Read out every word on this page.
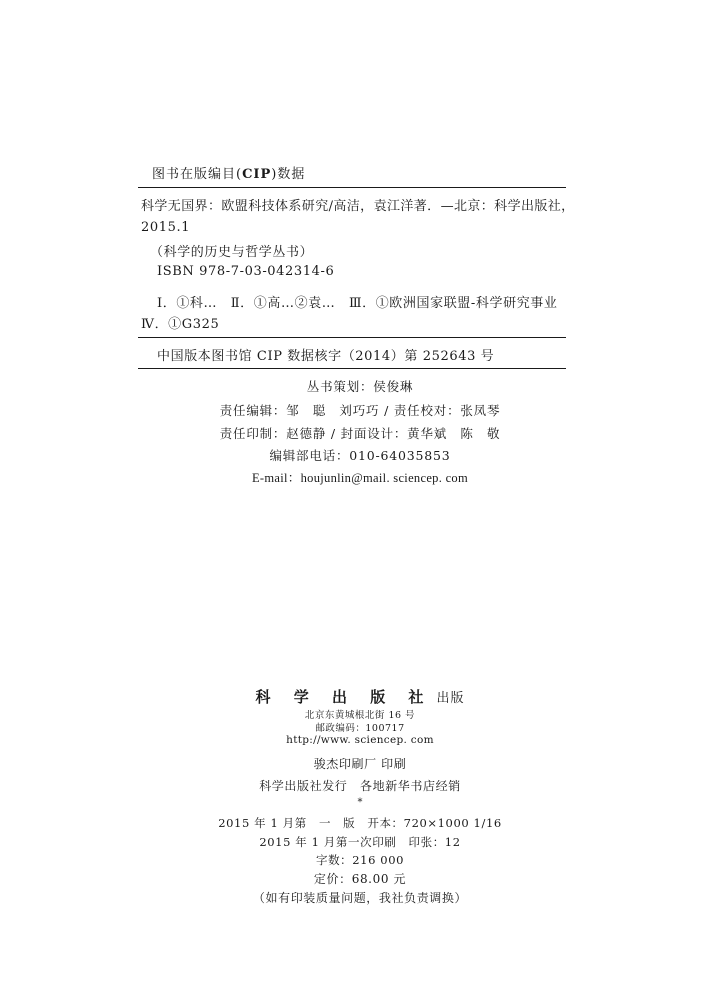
图书在版编目(CIP)数据
科学无国界：欧盟科技体系研究/高洁，袁江洋著．—北京：科学出版社，
2015.1
（科学的历史与哲学丛书）
ISBN 978-7-03-042314-6
Ⅰ．①科…　Ⅱ．①高…②袁…　Ⅲ．①欧洲国家联盟-科学研究事业
Ⅳ．①G325
中国版本图书馆 CIP 数据核字（2014）第 252643 号
丛书策划：侯俊琳
责任编辑：邹　聪　刘巧巧 / 责任校对：张凤琴
责任印制：赵德静 / 封面设计：黄华斌　陈　敬
编辑部电话：010-64035853
E-mail：houjunlin@mail. sciencep. com
科 学 出 版 社 出版
北京东黄城根北街 16 号
邮政编码：100717
http://www. sciencep. com
骏杰印刷厂 印刷
科学出版社发行　各地新华书店经销
*
2015 年 1 月第　一　版　开本：720×1000 1/16
2015 年 1 月第一次印刷　印张：12
字数：216 000
定价：68.00 元
（如有印装质量问题，我社负责调换）
